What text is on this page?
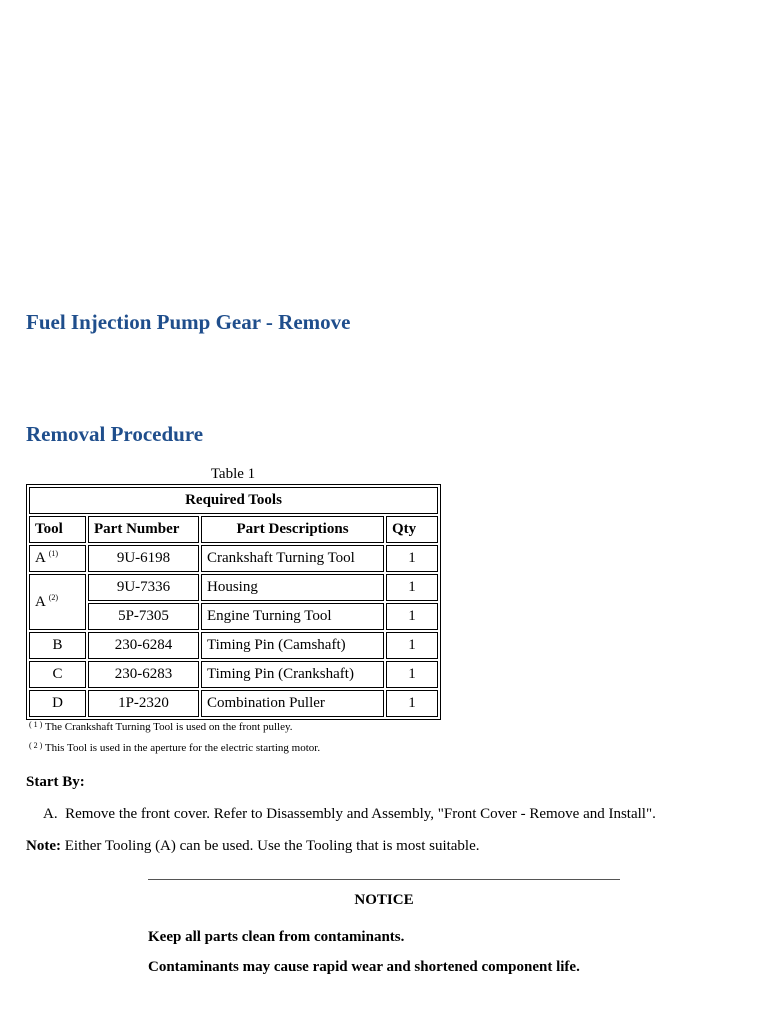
Fuel Injection Pump Gear - Remove
Removal Procedure
Table 1
Required Tools			
Tool	Part Number	Part Descriptions	Qty
A $^{(1)}$	9U-6198	Crankshaft Turning Tool	1
A $^{(2)}$	9U-7336	Housing	1
	5P-7305	Engine Turning Tool	1
B	230-6284	Timing Pin (Camshaft)	1
C	230-6283	Timing Pin (Crankshaft)	1
D	1P-2320	Combination Puller	1
$^{( 1 )}$ The Crankshaft Turning Tool is used on the front pulley.
$^{( 2 )}$ This Tool is used in the aperture for the electric starting motor.
Start By:
A. Remove the front cover. Refer to Disassembly and Assembly, "Front Cover - Remove and Install".
Note: Either Tooling (A) can be used. Use the Tooling that is most suitable.
NOTICE
Keep all parts clean from contaminants.
Contaminants may cause rapid wear and shortened component life.
